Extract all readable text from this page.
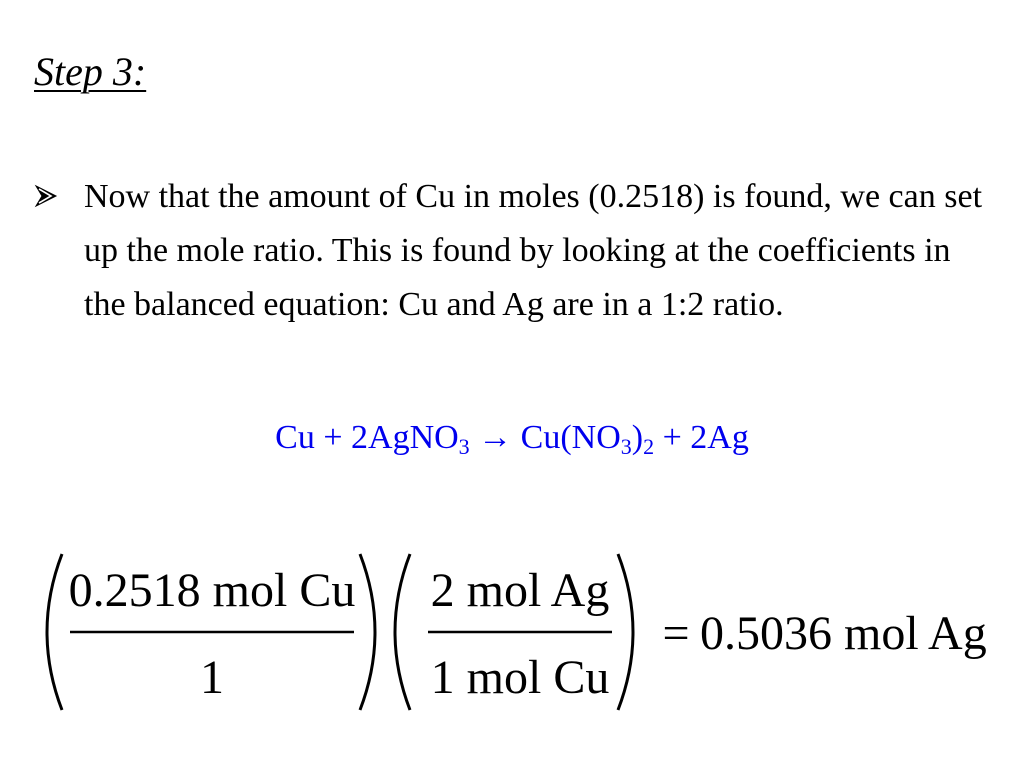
Step 3:
Now that the amount of Cu in moles (0.2518) is found, we can set up the mole ratio. This is found by looking at the coefficients in the balanced equation: Cu and Ag are in a 1:2 ratio.
Cu + 2AgNO$_3$ → $Cu(NO_3)_2 + 2Ag$
0.2518 mol Cu
1
2 mol Ag
1 mol Cu
= 0.5036 mol Ag
